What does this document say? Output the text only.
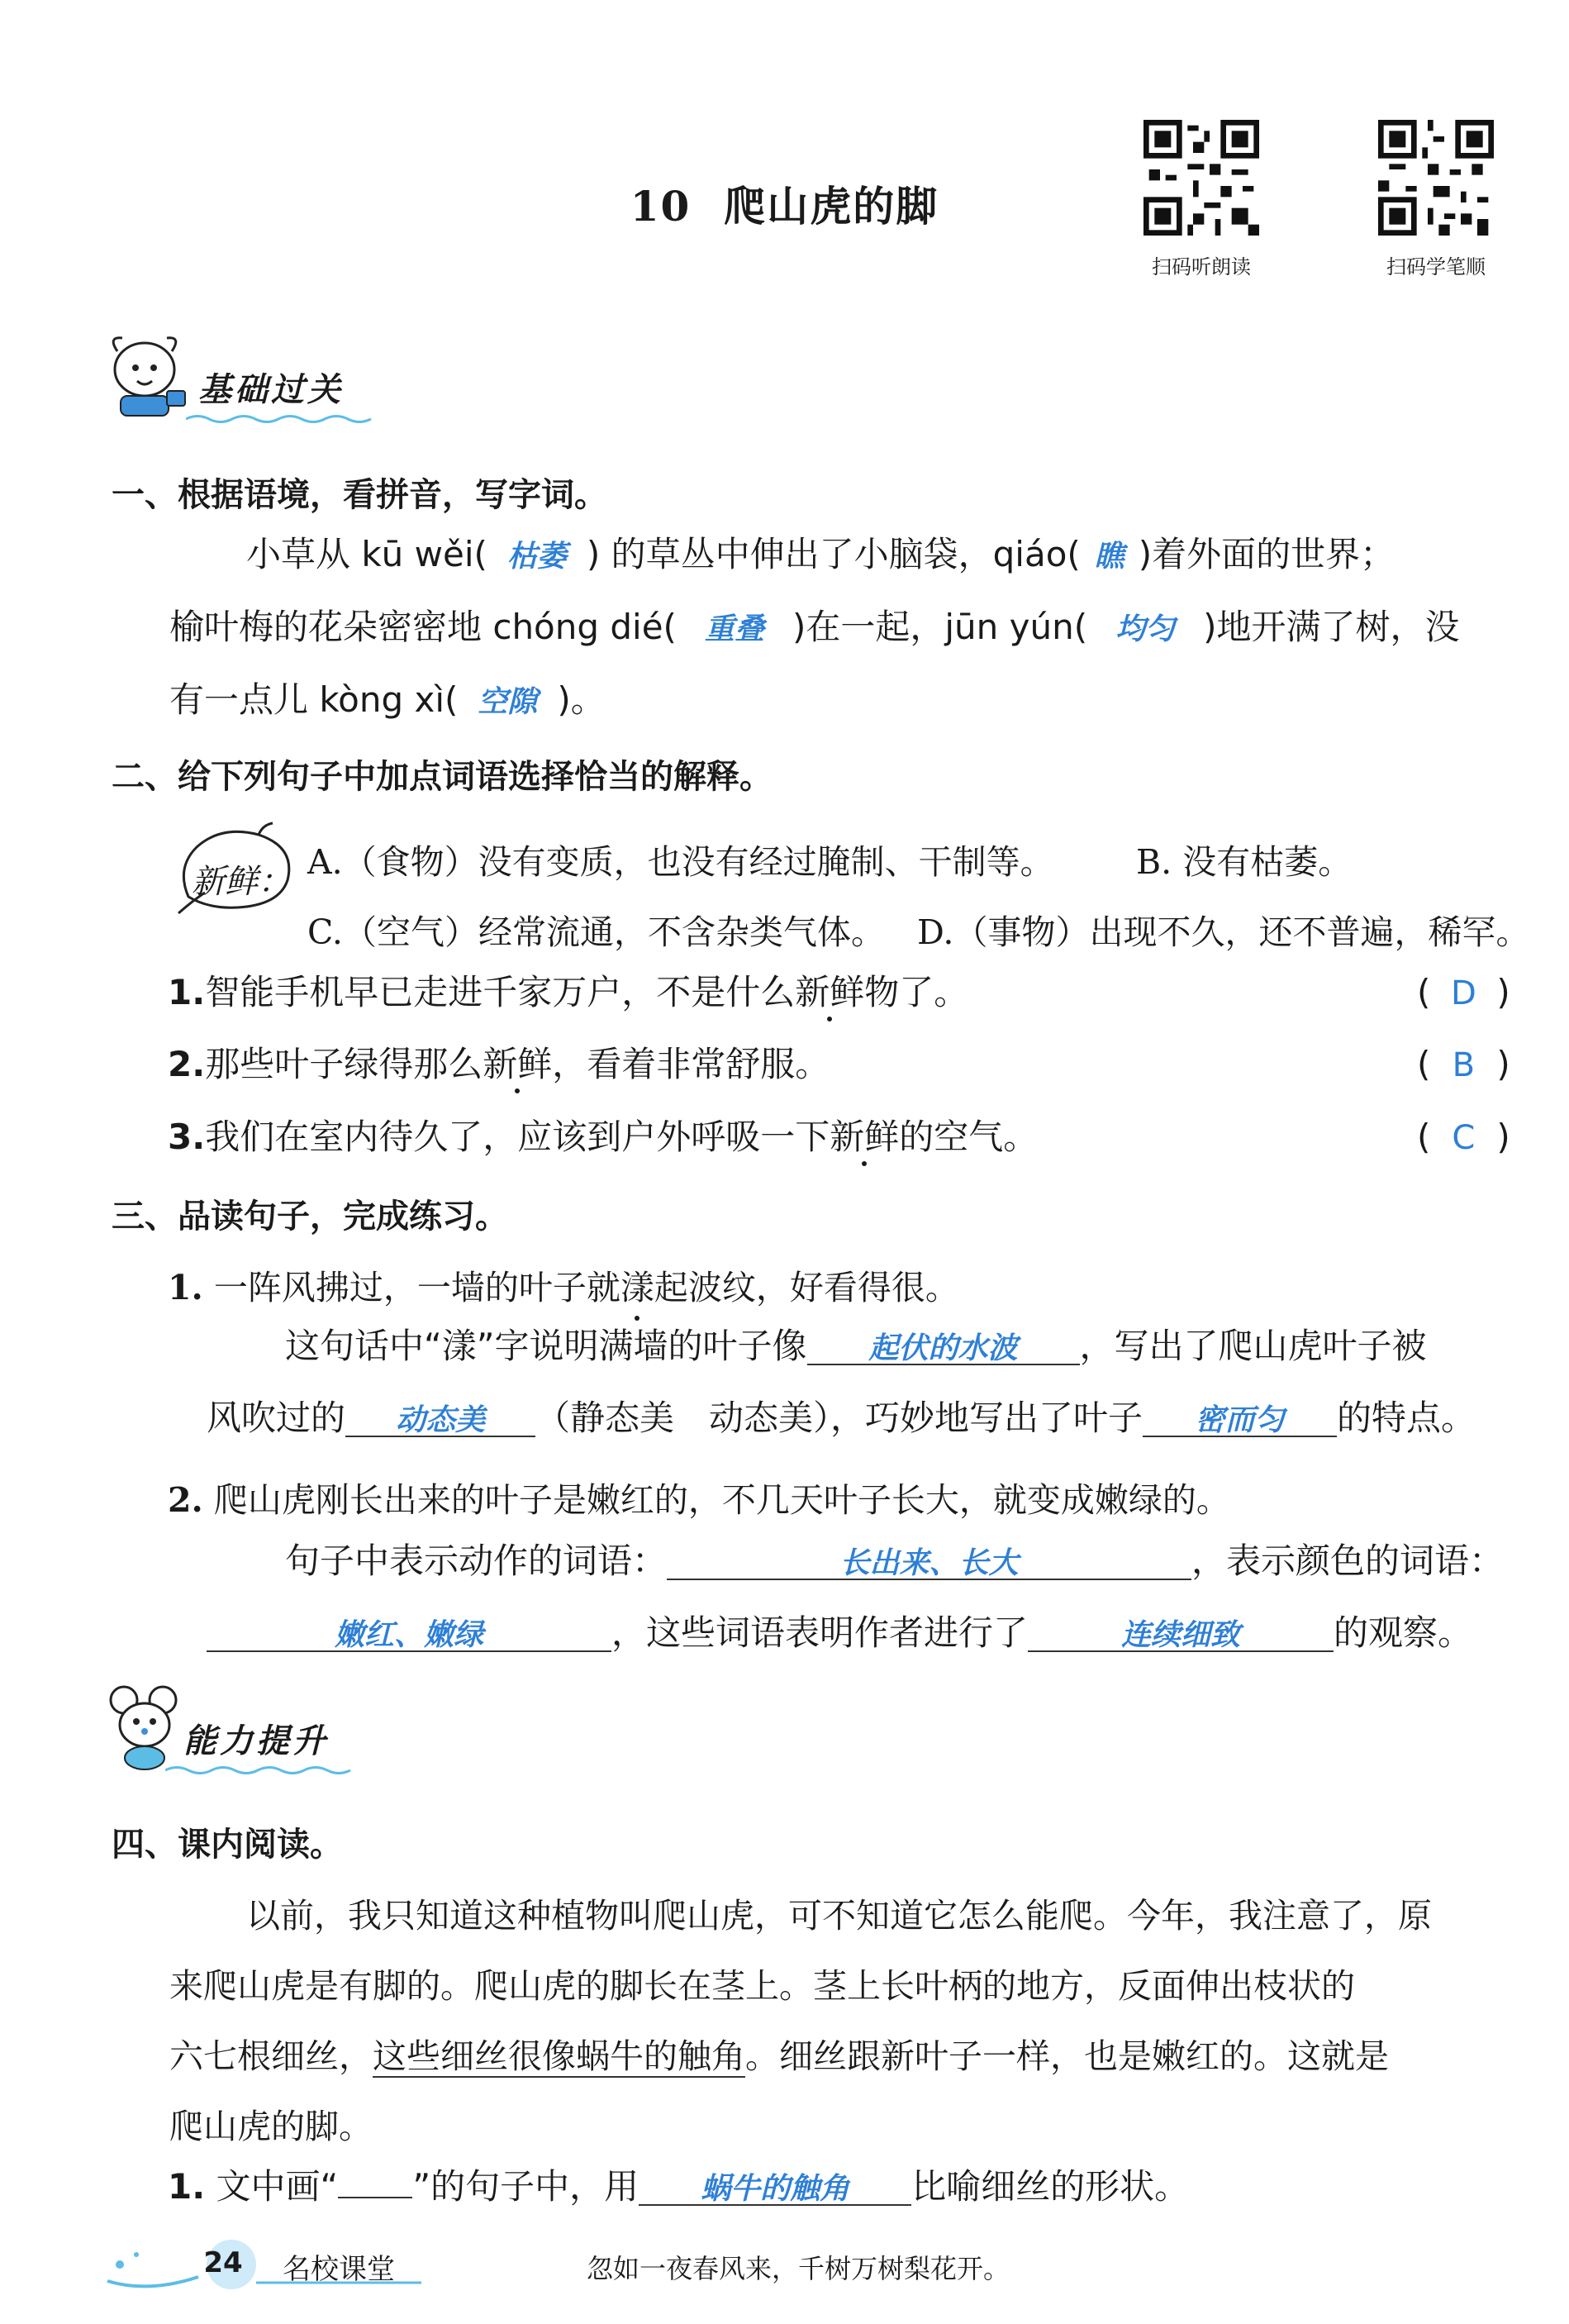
10 爬山虎的脚
扫码听朗读	扫码学笔顺
基础过关
一、根据语境，看拼音，写字词。
小草从 kū wěi( 枯萎 ) 的草丛中伸出了小脑袋，qiáo( 瞧 )着外面的世界；
榆叶梅的花朵密密地 chóng dié( 重叠 )在一起，jūn yún( 均匀 )地开满了树，没
有一点儿 kòng xì( 空隙 )。
二、给下列句子中加点词语选择恰当的解释。
新鲜： A.（食物）没有变质，也没有经过腌制、干制等。 B. 没有枯萎。
C.（空气）经常流通，不含杂类气体。 D.（事物）出现不久，还不普遍，稀罕。
1.智能手机早已走进千家万户，不是什么新鲜物了。	( D )
2.那些叶子绿得那么新鲜，看着非常舒服。	( B )
3.我们在室内待久了，应该到户外呼吸一下新鲜的空气。	( C )
三、品读句子，完成练习。
1. 一阵风拂过，一墙的叶子就漾起波纹，好看得很。
这句话中“漾”字说明满墙的叶子像 起伏的水波 ，写出了爬山虎叶子被
风吹过的 动态美 （静态美　动态美），巧妙地写出了叶子 密而匀 的特点。
2. 爬山虎刚长出来的叶子是嫩红的，不几天叶子长大，就变成嫩绿的。
句子中表示动作的词语：	长出来、长大	，表示颜色的词语：
嫩红、嫩绿	，这些词语表明作者进行了	连续细致	的观察。
能力提升
四、课内阅读。
以前，我只知道这种植物叫爬山虎，可不知道它怎么能爬。今年，我注意了，原
来爬山虎是有脚的。爬山虎的脚长在茎上。茎上长叶柄的地方，反面伸出枝状的
六七根细丝，这些细丝很像蜗牛的触角。细丝跟新叶子一样，也是嫩红的。这就是
爬山虎的脚。
1. 文中画“ ”的句子中，用 蜗牛的触角 比喻细丝的形状。
24 名校课堂	忽如一夜春风来，千树万树梨花开。
